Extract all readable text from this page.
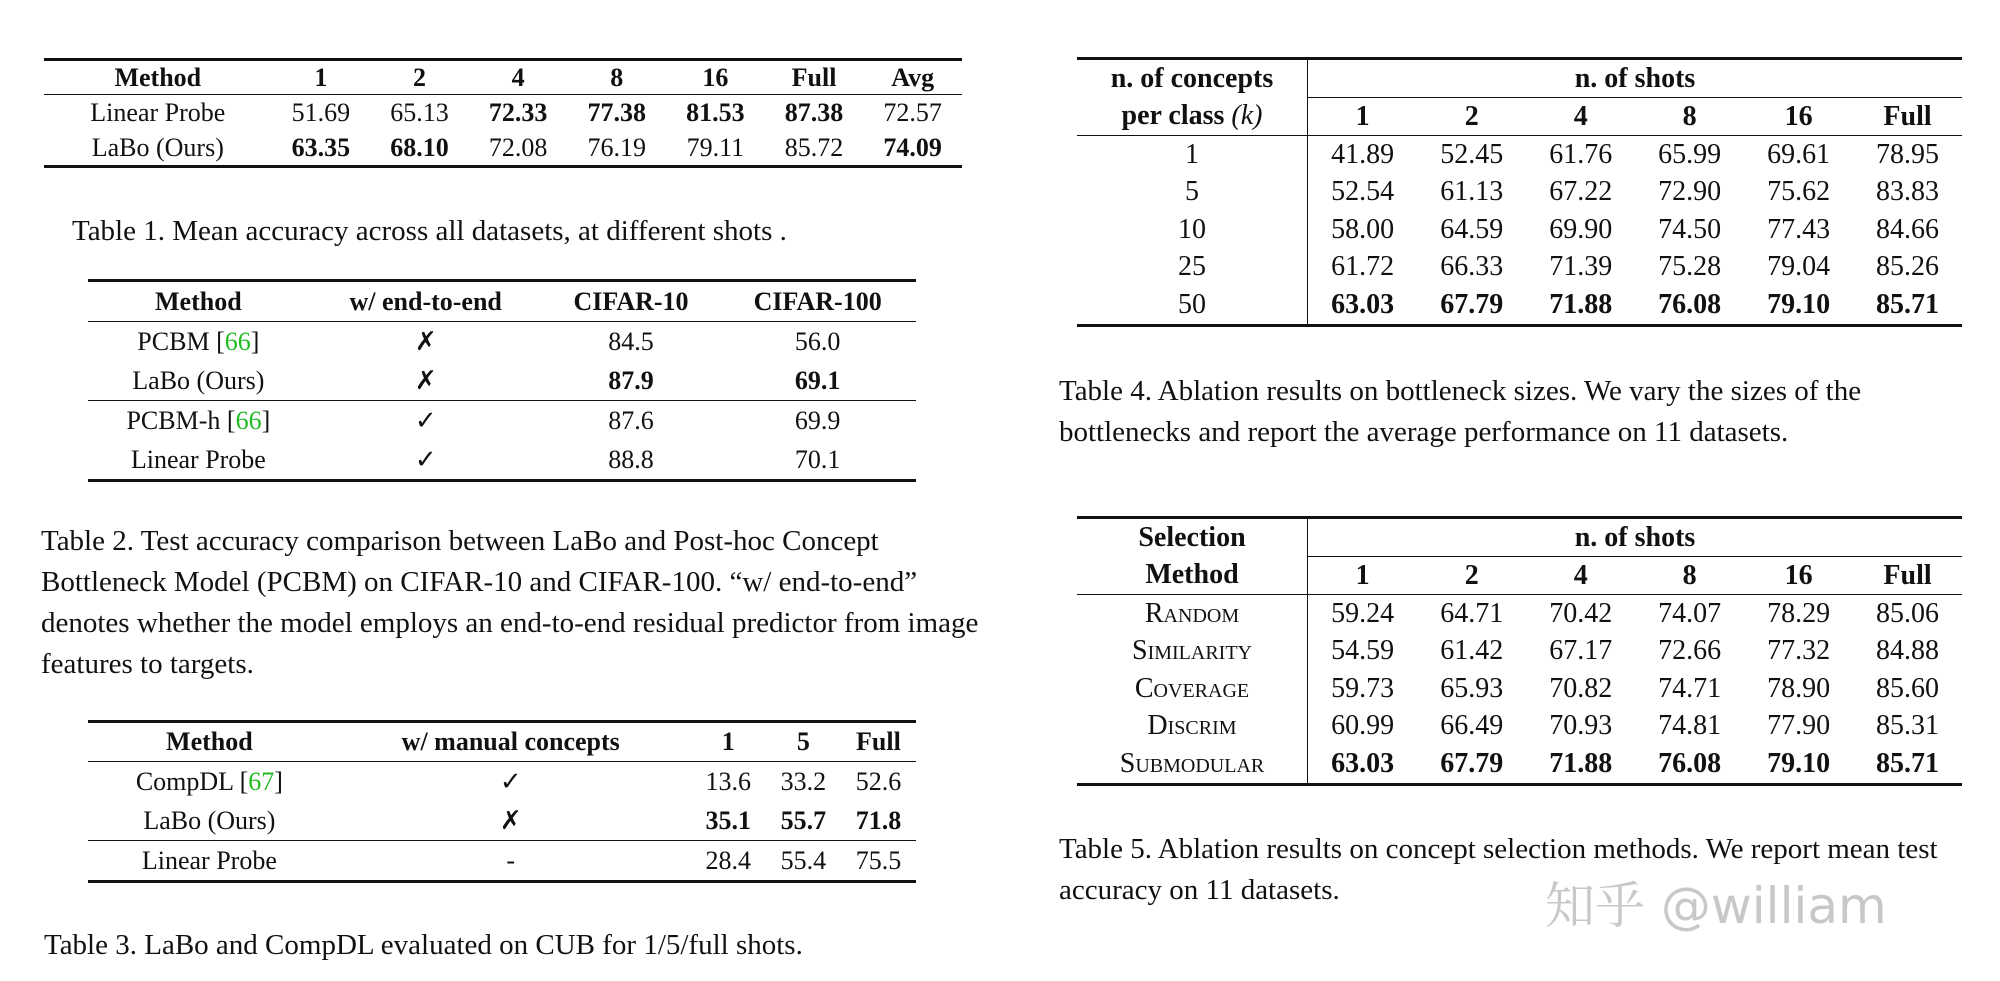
Method	1	2	4	8	16	Full	Avg
Linear Probe	51.69	65.13	72.33	77.38	81.53	87.38	72.57
LaBo (Ours)	63.35	68.10	72.08	76.19	79.11	85.72	74.09
Table 1. Mean accuracy across all datasets, at different shots .
Method	w/ end-to-end	CIFAR-10	CIFAR-100
PCBM [66]	✗	84.5	56.0
LaBo (Ours)	✗	87.9	69.1
PCBM-h [66]	✓	87.6	69.9
Linear Probe	✓	88.8	70.1
Table 2. Test accuracy comparison between LaBo and Post-hoc Concept Bottleneck Model (PCBM) on CIFAR-10 and CIFAR-100. “w/ end-to-end” denotes whether the model employs an end-to-end residual predictor from image features to targets.
Method	w/ manual concepts	1	5	Full
CompDL [67]	✓	13.6	33.2	52.6
LaBo (Ours)	✗	35.1	55.7	71.8
Linear Probe	-	28.4	55.4	75.5
Table 3. LaBo and CompDL evaluated on CUB for 1/5/full shots.
n. of concepts	n. of shots					
per class (k)	1	2	4	8	16	Full
1	41.89	52.45	61.76	65.99	69.61	78.95
5	52.54	61.13	67.22	72.90	75.62	83.83
10	58.00	64.59	69.90	74.50	77.43	84.66
25	61.72	66.33	71.39	75.28	79.04	85.26
50	63.03	67.79	71.88	76.08	79.10	85.71
Table 4. Ablation results on bottleneck sizes. We vary the sizes of the bottlenecks and report the average performance on 11 datasets.
Selection	n. of shots					
Method	1	2	4	8	16	Full
Random	59.24	64.71	70.42	74.07	78.29	85.06
Similarity	54.59	61.42	67.17	72.66	77.32	84.88
Coverage	59.73	65.93	70.82	74.71	78.90	85.60
Discrim	60.99	66.49	70.93	74.81	77.90	85.31
Submodular	63.03	67.79	71.88	76.08	79.10	85.71
Table 5. Ablation results on concept selection methods. We report mean test accuracy on 11 datasets.	知乎 @william
